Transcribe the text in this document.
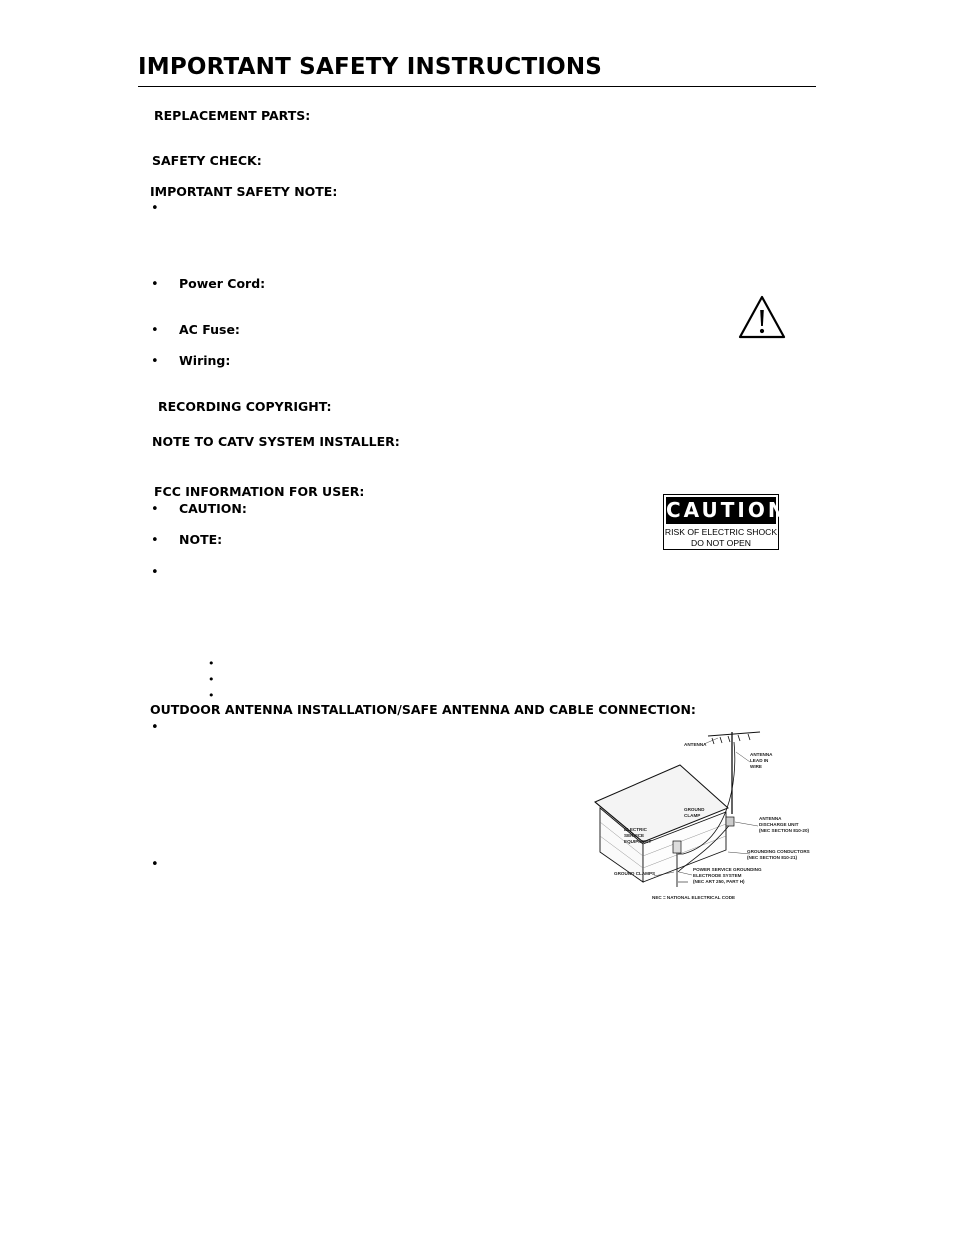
IMPORTANT SAFETY INSTRUCTIONS
REPLACEMENT PARTS:
SAFETY CHECK:
IMPORTANT SAFETY NOTE:
•
• Power Cord:
• AC Fuse:
• Wiring:
RECORDING COPYRIGHT:
NOTE TO CATV SYSTEM INSTALLER:
FCC INFORMATION FOR USER:
• CAUTION:
• NOTE:
•
CAUTION
RISK OF ELECTRIC SHOCK
DO NOT OPEN
•
•
•
OUTDOOR ANTENNA INSTALLATION/SAFE ANTENNA AND CABLE CONNECTION:
•
•
ANTENNA
ANTENNA
LEAD IN
WIRE
GROUND
CLAMP
ANTENNA
DISCHARGE UNIT
(NEC SECTION 810-20)
ELECTRIC
SERVICE
EQUIPMENT
GROUNDING CONDUCTORS
(NEC SECTION 810-21)
POWER SERVICE GROUNDING
ELECTRODE SYSTEM
(NEC ART 250, PART H)
GROUND CLAMPS
NEC = NATIONAL ELECTRICAL CODE
